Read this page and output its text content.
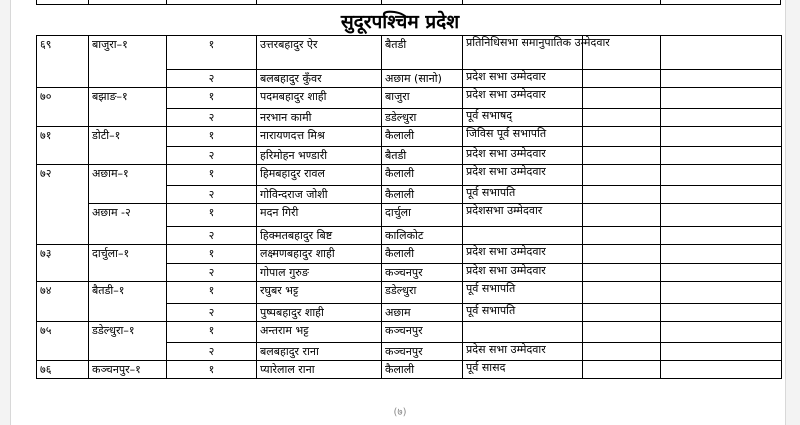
सुदूरपश्चिम प्रदेश
६९	बाजुरा–१	१	उत्तरबहादुर ऐर	बैतडी	प्रतिनिधिसभा समानुपातिक उम्मेदवार		
		२	बलबहादुर कुँवर	अछाम (सानो)	प्रदेश सभा उम्मेदवार		
७०	बझाङ–१	१	पदमबहादुर शाही	बाजुरा	प्रदेश सभा उम्मेदवार		
		२	नरभान कामी	डडेल्धुरा	पूर्व सभाषद्		
७१	डोटी–१	१	नारायणदत्त मिश्र	कैलाली	जिविस पूर्व सभापति		
		२	हरिमोहन भण्डारी	बैतडी	प्रदेश सभा उम्मेदवार		
७२	अछाम–१	१	हिमबहादुर रावल	कैलाली	प्रदेश सभा उम्मेदवार		
		२	गोविन्दराज जोशी	कैलाली	पूर्व सभापति		
	अछाम -२	१	मदन गिरी	दार्चुला	प्रदेशसभा उम्मेदवार		
		२	हिक्मतबहादुर बिष्ट	कालिकोट			
७३	दार्चुला–१	१	लक्ष्मणबहादुर शाही	कैलाली	प्रदेश सभा उम्मेदवार		
		२	गोपाल गुरुङ	कञ्चनपुर	प्रदेश सभा उम्मेदवार		
७४	बैतडी–१	१	रघुबर भट्ट	डडेल्धुरा	पूर्व सभापति		
		२	पुष्पबहादुर शाही	अछाम	पूर्व सभापति		
७५	डडेल्धुरा–१	१	अन्तराम भट्ट	कञ्चनपुर			
		२	बलबहादुर राना	कञ्चनपुर	प्रदेस सभा उम्मेदवार		
७६	कञ्चनपुर–१	१	प्यारेलाल राना	कैलाली	पूर्व सासद		
(७)
